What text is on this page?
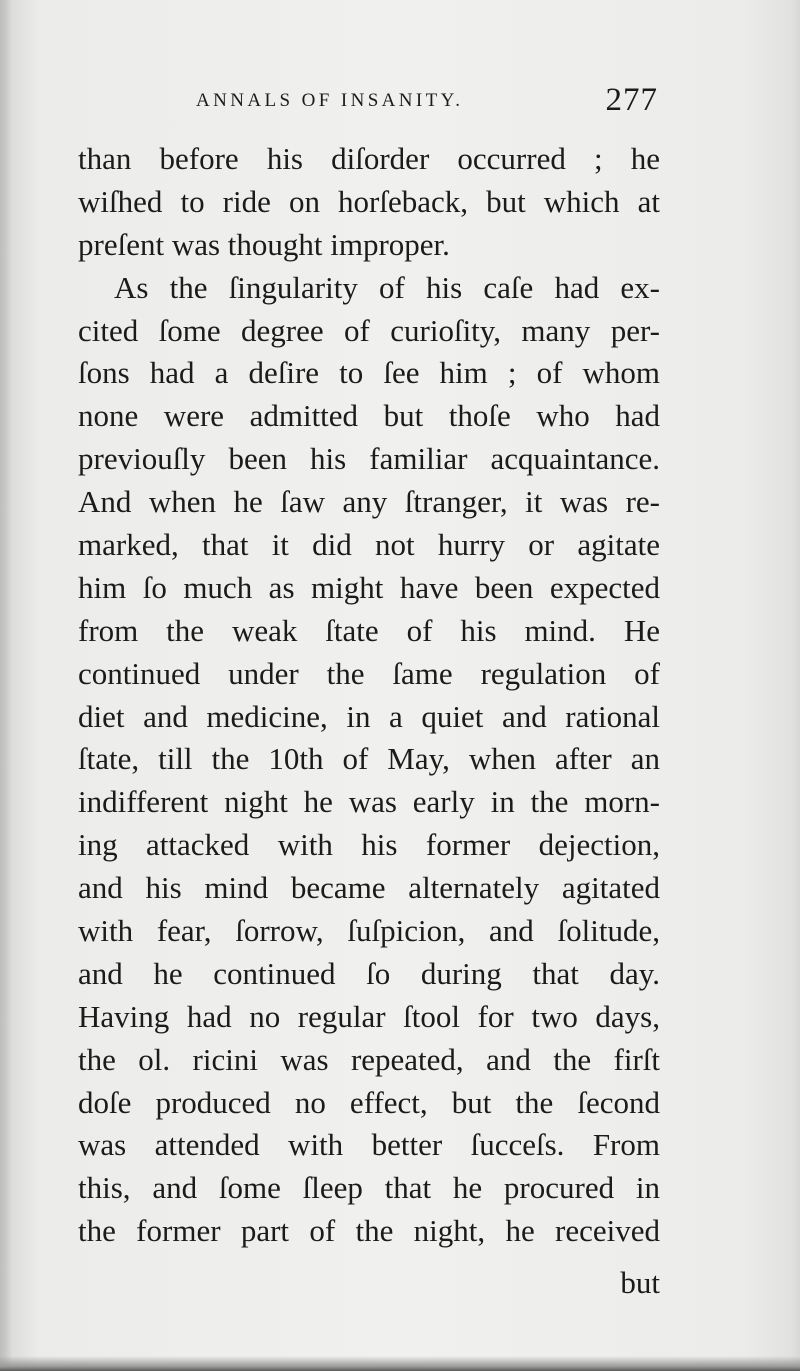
ANNALS OF INSANITY.	277
than before his diſorder occurred ; he
wiſhed to ride on horſeback, but which at
preſent was thought improper.
As the ſingularity of his caſe had ex-
cited ſome degree of curioſity, many per-
ſons had a deſire to ſee him ; of whom
none were admitted but thoſe who had
previouſly been his familiar acquaintance.
And when he ſaw any ſtranger, it was re-
marked, that it did not hurry or agitate
him ſo much as might have been expected
from the weak ſtate of his mind. He
continued under the ſame regulation of
diet and medicine, in a quiet and rational
ſtate, till the 10th of May, when after an
indifferent night he was early in the morn-
ing attacked with his former dejection,
and his mind became alternately agitated
with fear, ſorrow, ſuſpicion, and ſolitude,
and he continued ſo during that day.
Having had no regular ſtool for two days,
the ol. ricini was repeated, and the firſt
doſe produced no effect, but the ſecond
was attended with better ſucceſs. From
this, and ſome ſleep that he procured in
the former part of the night, he received
but
